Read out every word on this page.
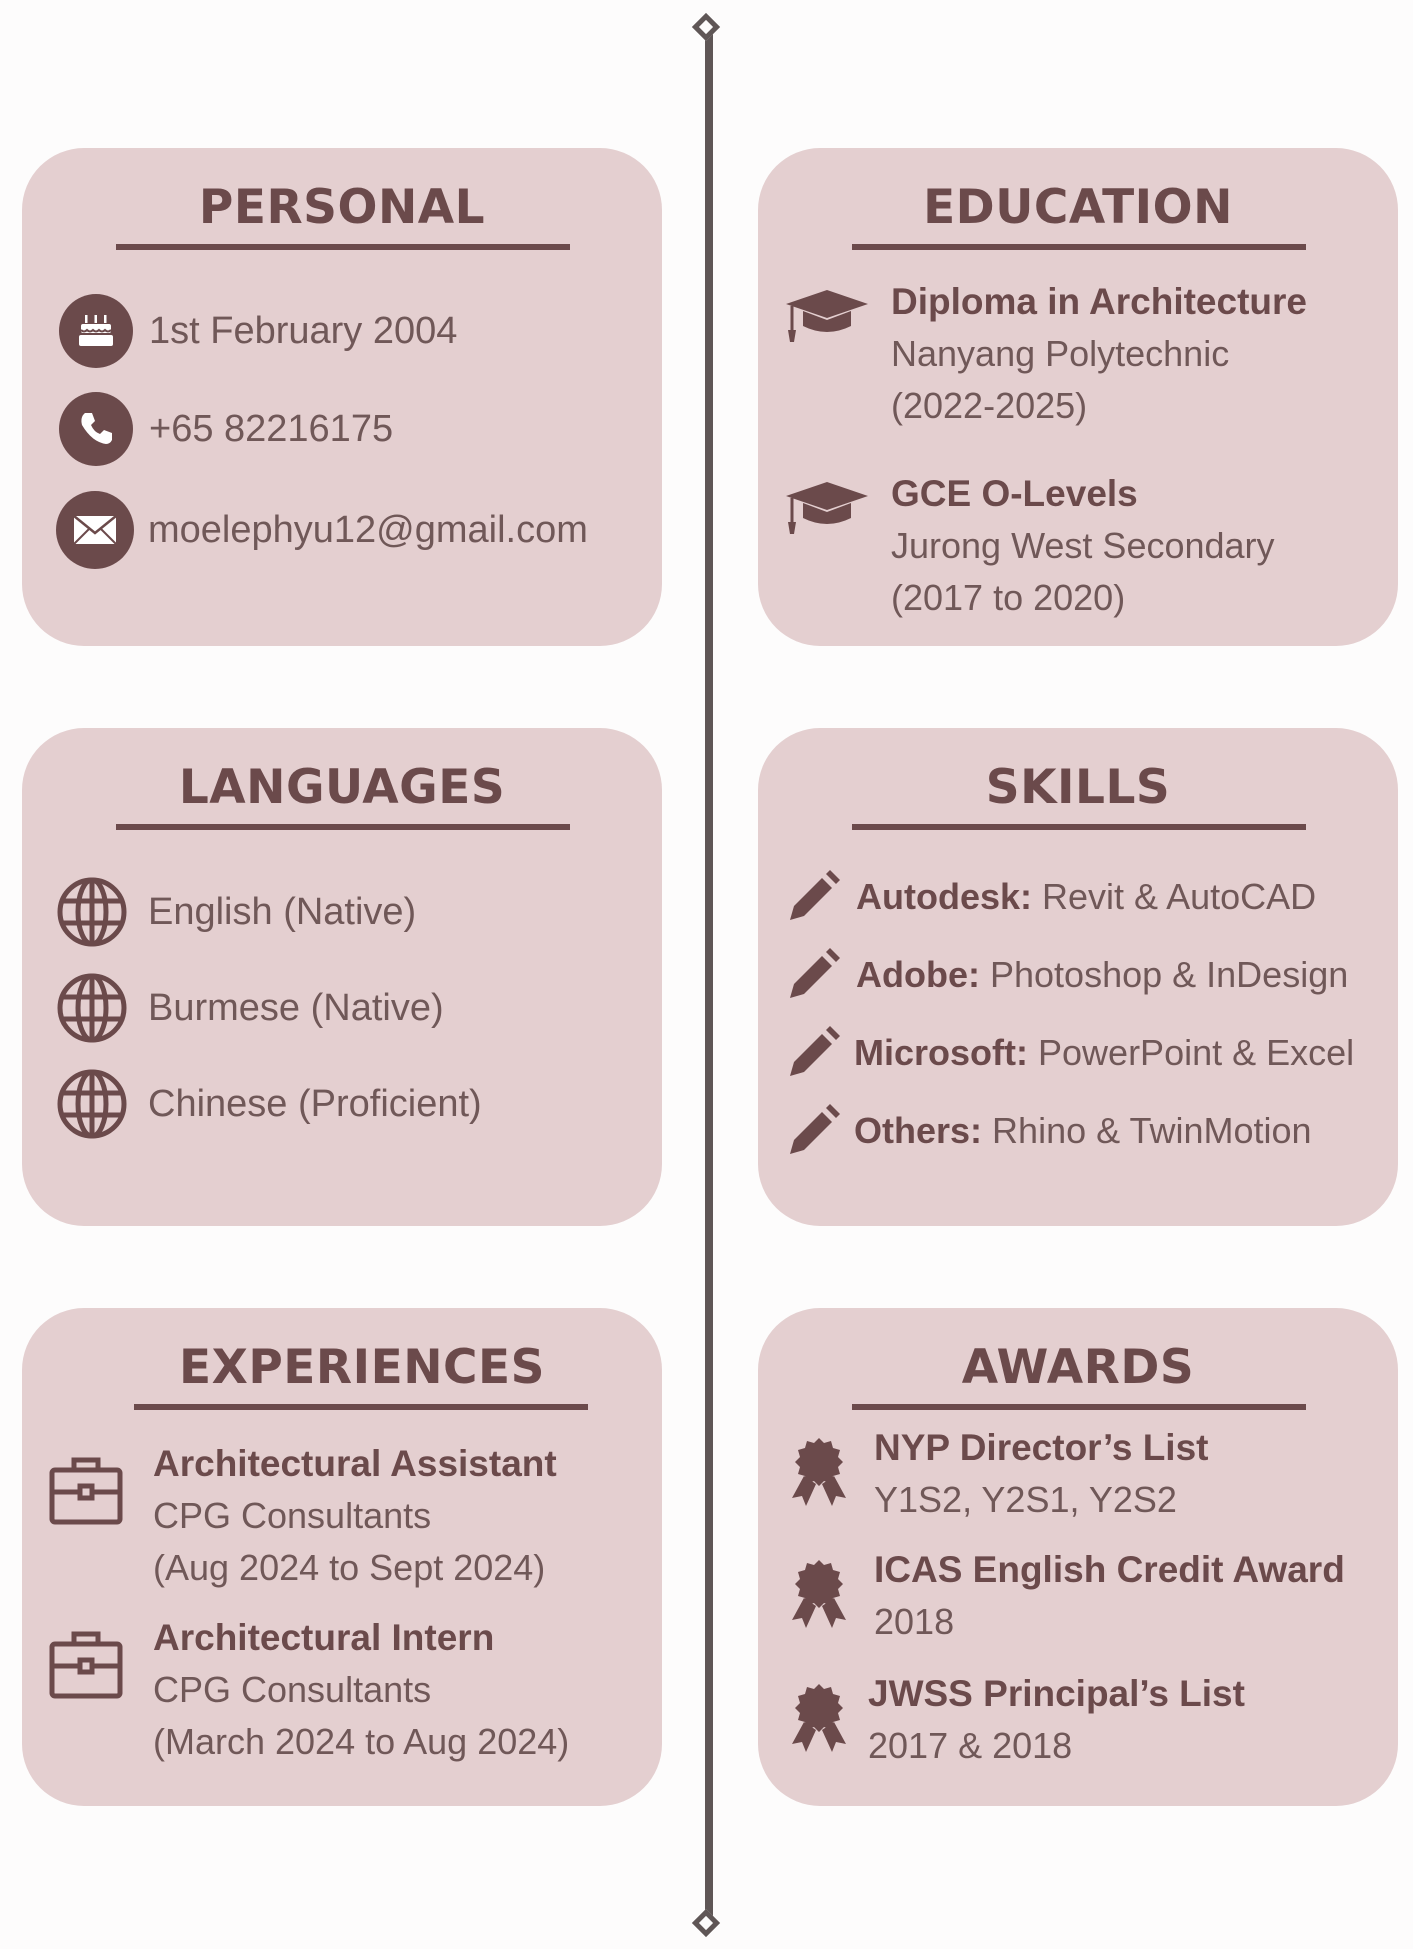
PERSONAL
1st February 2004
+65 82216175
moelephyu12@gmail.com
EDUCATION
Diploma in Architecture
Nanyang Polytechnic
(2022-2025)
GCE O-Levels
Jurong West Secondary
(2017 to 2020)
LANGUAGES
English (Native)
Burmese (Native)
Chinese (Proficient)
SKILLS
Autodesk: Revit & AutoCAD
Adobe: Photoshop & InDesign
Microsoft: PowerPoint & Excel
Others: Rhino & TwinMotion
EXPERIENCES
Architectural Assistant
CPG Consultants
(Aug 2024 to Sept 2024)
Architectural Intern
CPG Consultants
(March 2024 to Aug 2024)
AWARDS
NYP Director’s List
Y1S2, Y2S1, Y2S2
ICAS English Credit Award
2018
JWSS Principal’s List
2017 & 2018
